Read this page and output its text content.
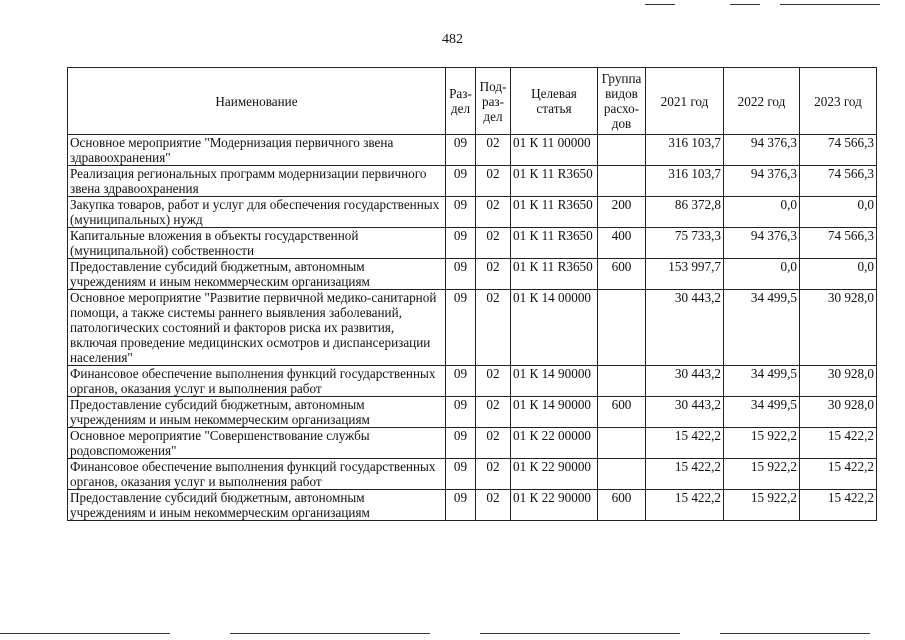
482
Наименование	Раз-дел	Под-раз-дел	Целевая статья	Группа видов расхо-дов	2021 год	2022 год	2023 год
Основное мероприятие "Модернизация первичного звена здравоохранения"	09	02	01 К 11 00000		316 103,7	94 376,3	74 566,3
Реализация региональных программ модернизации первичного звена здравоохранения	09	02	01 К 11 R3650		316 103,7	94 376,3	74 566,3
Закупка товаров, работ и услуг для обеспечения государственных (муниципальных) нужд	09	02	01 К 11 R3650	200	86 372,8	0,0	0,0
Капитальные вложения в объекты государственной (муниципальной) собственности	09	02	01 К 11 R3650	400	75 733,3	94 376,3	74 566,3
Предоставление субсидий бюджетным, автономным учреждениям и иным некоммерческим организациям	09	02	01 К 11 R3650	600	153 997,7	0,0	0,0
Основное мероприятие "Развитие первичной медико-санитарной помощи, а также системы раннего выявления заболеваний, патологических состояний и факторов риска их развития, включая проведение медицинских осмотров и диспансеризации населения"	09	02	01 К 14 00000		30 443,2	34 499,5	30 928,0
Финансовое обеспечение выполнения функций государственных органов, оказания услуг и выполнения работ	09	02	01 К 14 90000		30 443,2	34 499,5	30 928,0
Предоставление субсидий бюджетным, автономным учреждениям и иным некоммерческим организациям	09	02	01 К 14 90000	600	30 443,2	34 499,5	30 928,0
Основное мероприятие "Совершенствование службы родовспоможения"	09	02	01 К 22 00000		15 422,2	15 922,2	15 422,2
Финансовое обеспечение выполнения функций государственных органов, оказания услуг и выполнения работ	09	02	01 К 22 90000		15 422,2	15 922,2	15 422,2
Предоставление субсидий бюджетным, автономным учреждениям и иным некоммерческим организациям	09	02	01 К 22 90000	600	15 422,2	15 922,2	15 422,2
